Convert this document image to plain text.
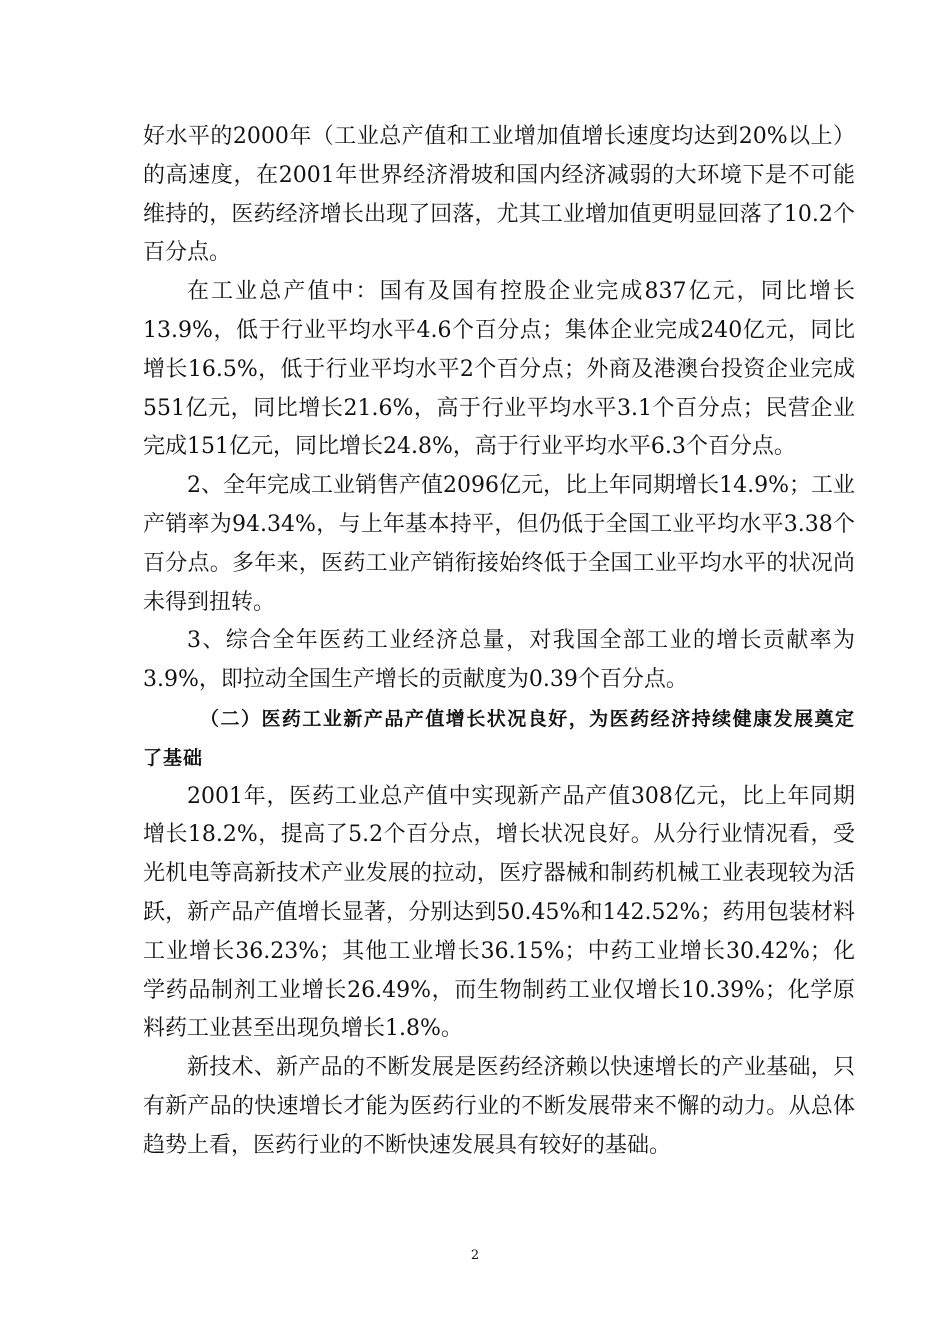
好水平的2000年（工业总产值和工业增加值增长速度均达到20%以上）的高速度，在2001年世界经济滑坡和国内经济减弱的大环境下是不可能维持的，医药经济增长出现了回落，尤其工业增加值更明显回落了10.2个百分点。

在工业总产值中：国有及国有控股企业完成837亿元，同比增长13.9%，低于行业平均水平4.6个百分点；集体企业完成240亿元，同比增长16.5%，低于行业平均水平2个百分点；外商及港澳台投资企业完成551亿元，同比增长21.6%，高于行业平均水平3.1个百分点；民营企业完成151亿元，同比增长24.8%，高于行业平均水平6.3个百分点。

2、全年完成工业销售产值2096亿元，比上年同期增长14.9%；工业产销率为94.34%，与上年基本持平，但仍低于全国工业平均水平3.38个百分点。多年来，医药工业产销衔接始终低于全国工业平均水平的状况尚未得到扭转。

3、综合全年医药工业经济总量，对我国全部工业的增长贡献率为3.9%，即拉动全国生产增长的贡献度为0.39个百分点。

（二）医药工业新产品产值增长状况良好，为医药经济持续健康发展奠定了基础

2001年，医药工业总产值中实现新产品产值308亿元，比上年同期增长18.2%，提高了5.2个百分点，增长状况良好。从分行业情况看，受光机电等高新技术产业发展的拉动，医疗器械和制药机械工业表现较为活跃，新产品产值增长显著，分别达到50.45%和142.52%；药用包装材料工业增长36.23%；其他工业增长36.15%；中药工业增长30.42%；化学药品制剂工业增长26.49%，而生物制药工业仅增长10.39%；化学原料药工业甚至出现负增长1.8%。

新技术、新产品的不断发展是医药经济赖以快速增长的产业基础，只有新产品的快速增长才能为医药行业的不断发展带来不懈的动力。从总体趋势上看，医药行业的不断快速发展具有较好的基础。

2
